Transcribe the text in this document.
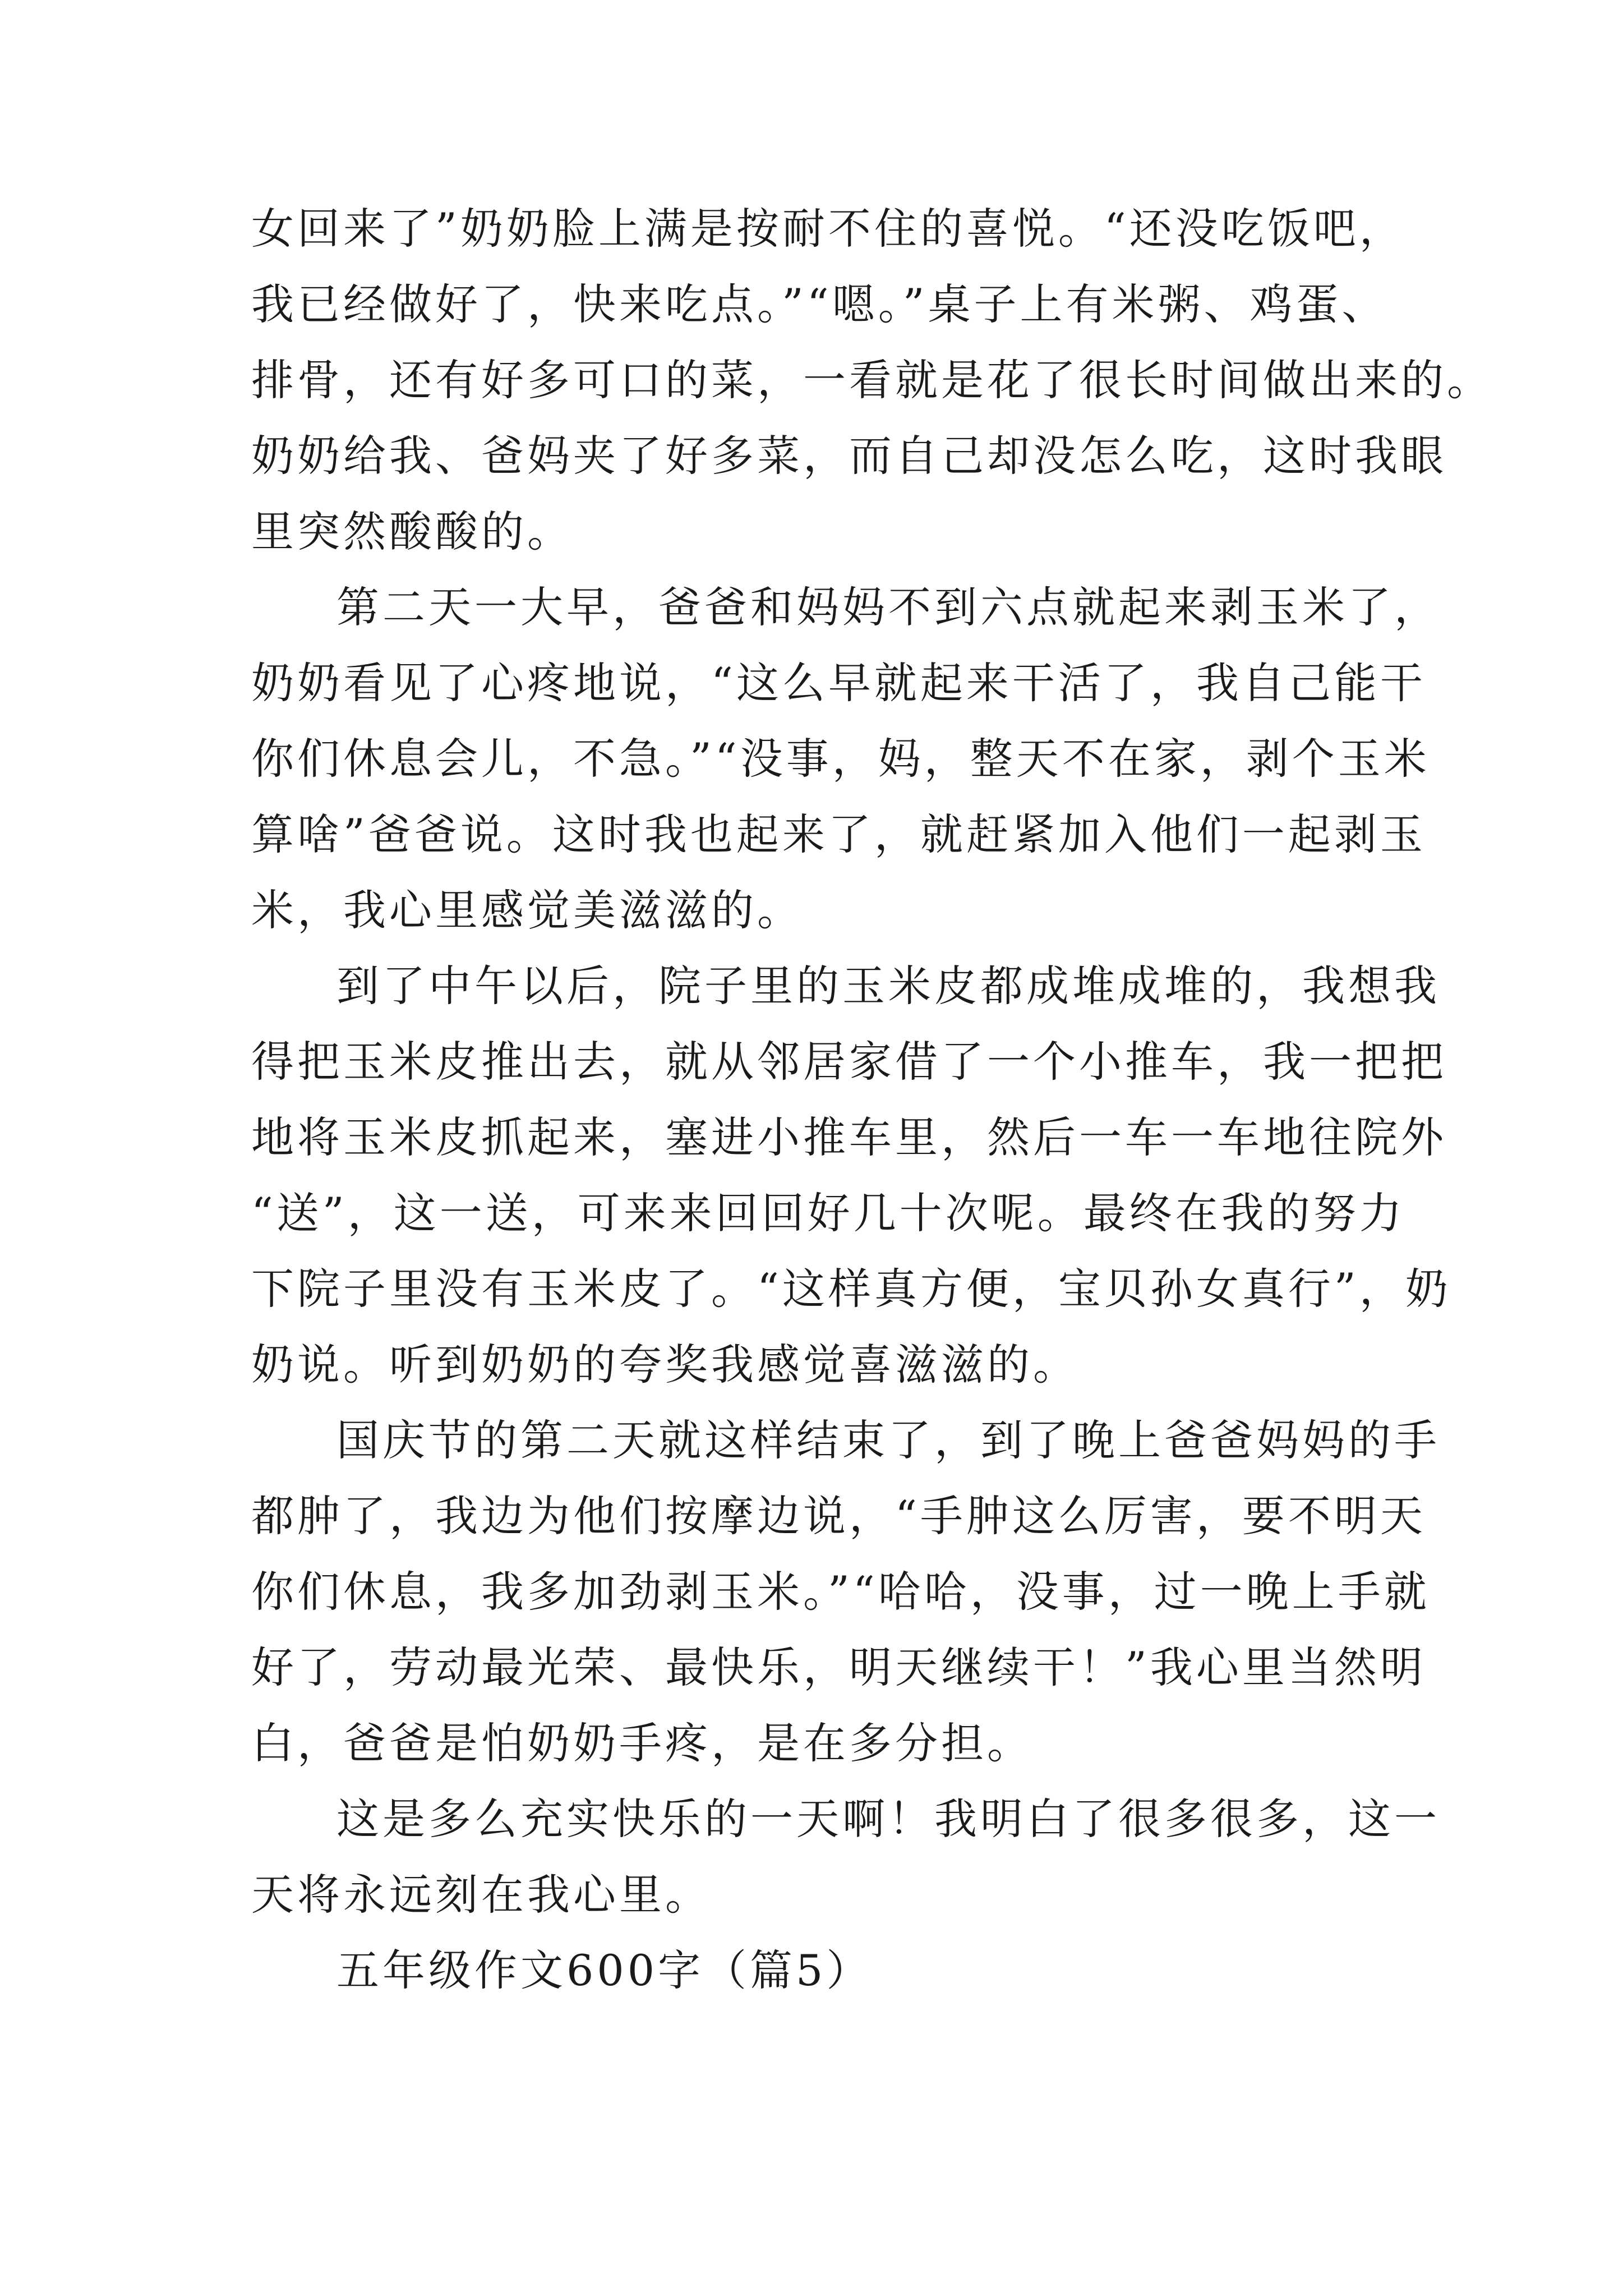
女回来了”奶奶脸上满是按耐不住的喜悦。“还没吃饭吧，
我已经做好了，快来吃点。”“嗯。”桌子上有米粥、鸡蛋、
排骨，还有好多可口的菜，一看就是花了很长时间做出来的。
奶奶给我、爸妈夹了好多菜，而自己却没怎么吃，这时我眼
里突然酸酸的。
第二天一大早，爸爸和妈妈不到六点就起来剥玉米了，
奶奶看见了心疼地说，“这么早就起来干活了，我自己能干
你们休息会儿，不急。”“没事，妈，整天不在家，剥个玉米
算啥”爸爸说。这时我也起来了，就赶紧加入他们一起剥玉
米，我心里感觉美滋滋的。
到了中午以后，院子里的玉米皮都成堆成堆的，我想我
得把玉米皮推出去，就从邻居家借了一个小推车，我一把把
地将玉米皮抓起来，塞进小推车里，然后一车一车地往院外
“送”，这一送，可来来回回好几十次呢。最终在我的努力
下院子里没有玉米皮了。“这样真方便，宝贝孙女真行”，奶
奶说。听到奶奶的夸奖我感觉喜滋滋的。
国庆节的第二天就这样结束了，到了晚上爸爸妈妈的手
都肿了，我边为他们按摩边说，“手肿这么厉害，要不明天
你们休息，我多加劲剥玉米。”“哈哈，没事，过一晚上手就
好了，劳动最光荣、最快乐，明天继续干！”我心里当然明
白，爸爸是怕奶奶手疼，是在多分担。
这是多么充实快乐的一天啊！我明白了很多很多，这一
天将永远刻在我心里。
五年级作文600字（篇5）
